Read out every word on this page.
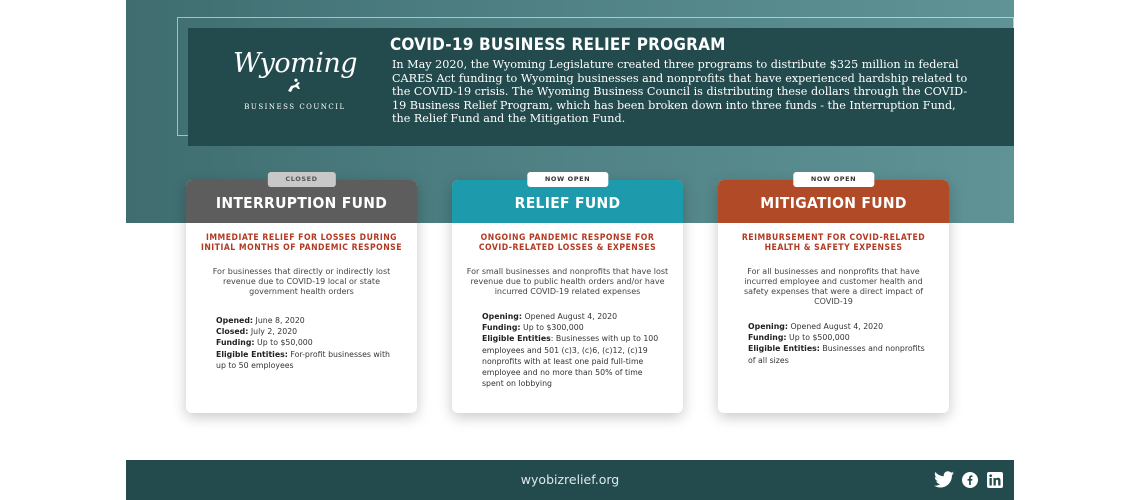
Wyoming
BUSINESS COUNCIL
COVID-19 BUSINESS RELIEF PROGRAM
In May 2020, the Wyoming Legislature created three programs to distribute $325 million in federal CARES Act funding to Wyoming businesses and nonprofits that have experienced hardship related to the COVID-19 crisis. The Wyoming Business Council is distributing these dollars through the COVID-19 Business Relief Program, which has been broken down into three funds - the Interruption Fund, the Relief Fund and the Mitigation Fund.
INTERRUPTION FUND
CLOSED
IMMEDIATE RELIEF FOR LOSSES DURING INITIAL MONTHS OF PANDEMIC RESPONSE
For businesses that directly or indirectly lost revenue due to COVID-19 local or state government health orders
Opened: June 8, 2020
Closed: July 2, 2020
Funding: Up to $50,000
Eligible Entities: For-profit businesses with up to 50 employees
RELIEF FUND
NOW OPEN
ONGOING PANDEMIC RESPONSE FOR COVID-RELATED LOSSES & EXPENSES
For small businesses and nonprofits that have lost revenue due to public health orders and/or have incurred COVID-19 related expenses
Opening: Opened August 4, 2020
Funding: Up to $300,000
Eligible Entities: Businesses with up to 100 employees and 501 (c)3, (c)6, (c)12, (c)19 nonprofits with at least one paid full-time employee and no more than 50% of time spent on lobbying
MITIGATION FUND
NOW OPEN
REIMBURSEMENT FOR COVID-RELATED HEALTH & SAFETY EXPENSES
For all businesses and nonprofits that have incurred employee and customer health and safety expenses that were a direct impact of COVID-19
Opening: Opened August 4, 2020
Funding: Up to $500,000
Eligible Entities: Businesses and nonprofits of all sizes
wyobizrelief.org
